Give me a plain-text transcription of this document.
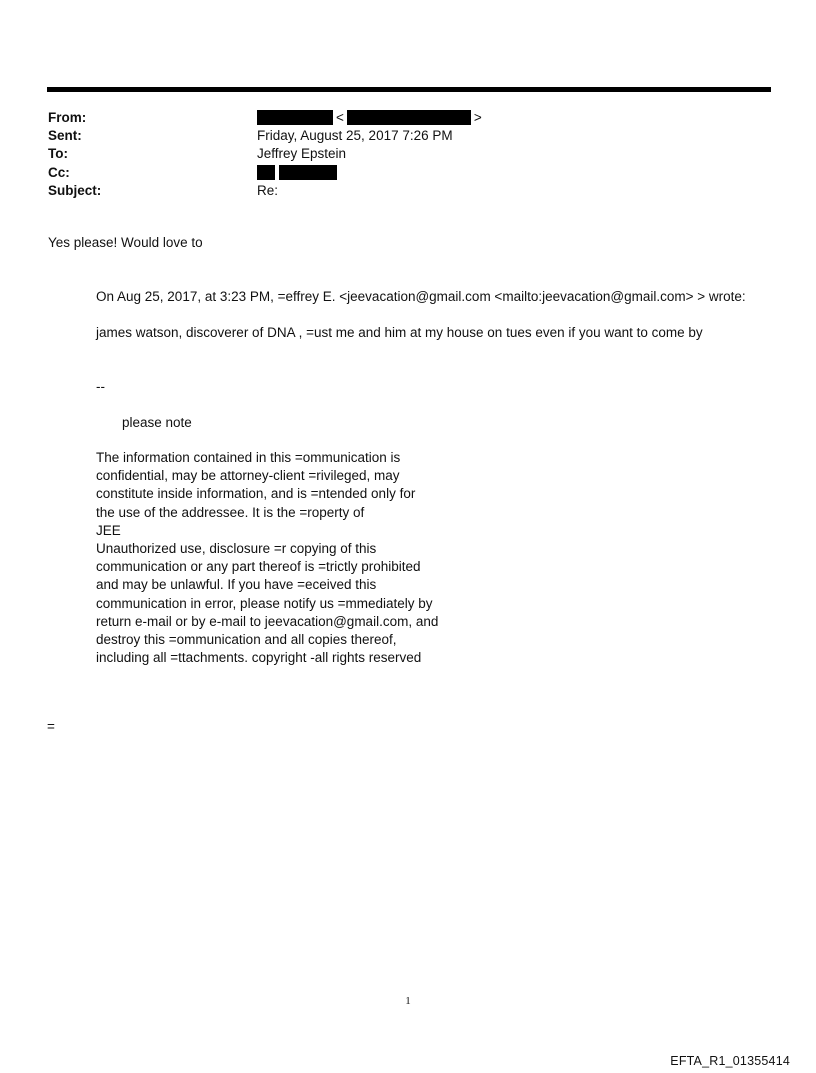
From:	<	>
Sent:	Friday, August 25, 2017 7:26 PM
To:	Jeffrey Epstein
Cc:
Subject:	Re:
Yes please! Would love to

On Aug 25, 2017, at 3:23 PM, =effrey E. <jeevacation@gmail.com <mailto:jeevacation@gmail.com> > wrote:

james watson, discoverer of DNA , =ust me and him at my house on tues even if you want to come by

--

please note

The information contained in this =ommunication is

confidential, may be attorney-client =rivileged, may

constitute inside information, and is =ntended only for

the use of the addressee. It is the =roperty of

JEE

Unauthorized use, disclosure =r copying of this

communication or any part thereof is =trictly prohibited

and may be unlawful. If you have =eceived this

communication in error, please notify us =mmediately by

return e-mail or by e-mail to jeevacation@gmail.com, and

destroy this =ommunication and all copies thereof,

including all =ttachments. copyright -all rights reserved

=
1
EFTA_R1_01355414
